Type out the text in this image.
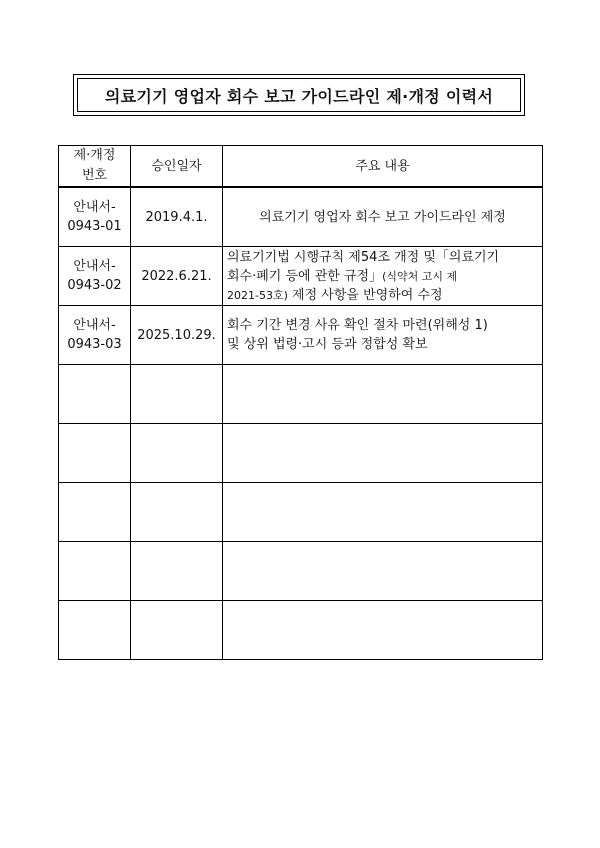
의료기기 영업자 회수 보고 가이드라인 제·개정 이력서
제·개정
번호	승인일자	주요 내용

안내서-
0943-01	2019.4.1.	의료기기 영업자 회수 보고 가이드라인 제정

안내서-
0943-02	2022.6.21.	의료기기법 시행규칙 제54조 개정 및「의료기기
회수·폐기 등에 관한 규정」(식약처 고시 제
2021-53호) 제정 사항을 반영하여 수정

안내서-
0943-03	2025.10.29.	회수 기간 변경 사유 확인 절차 마련(위해성 1)
및 상위 법령·고시 등과 정합성 확보
